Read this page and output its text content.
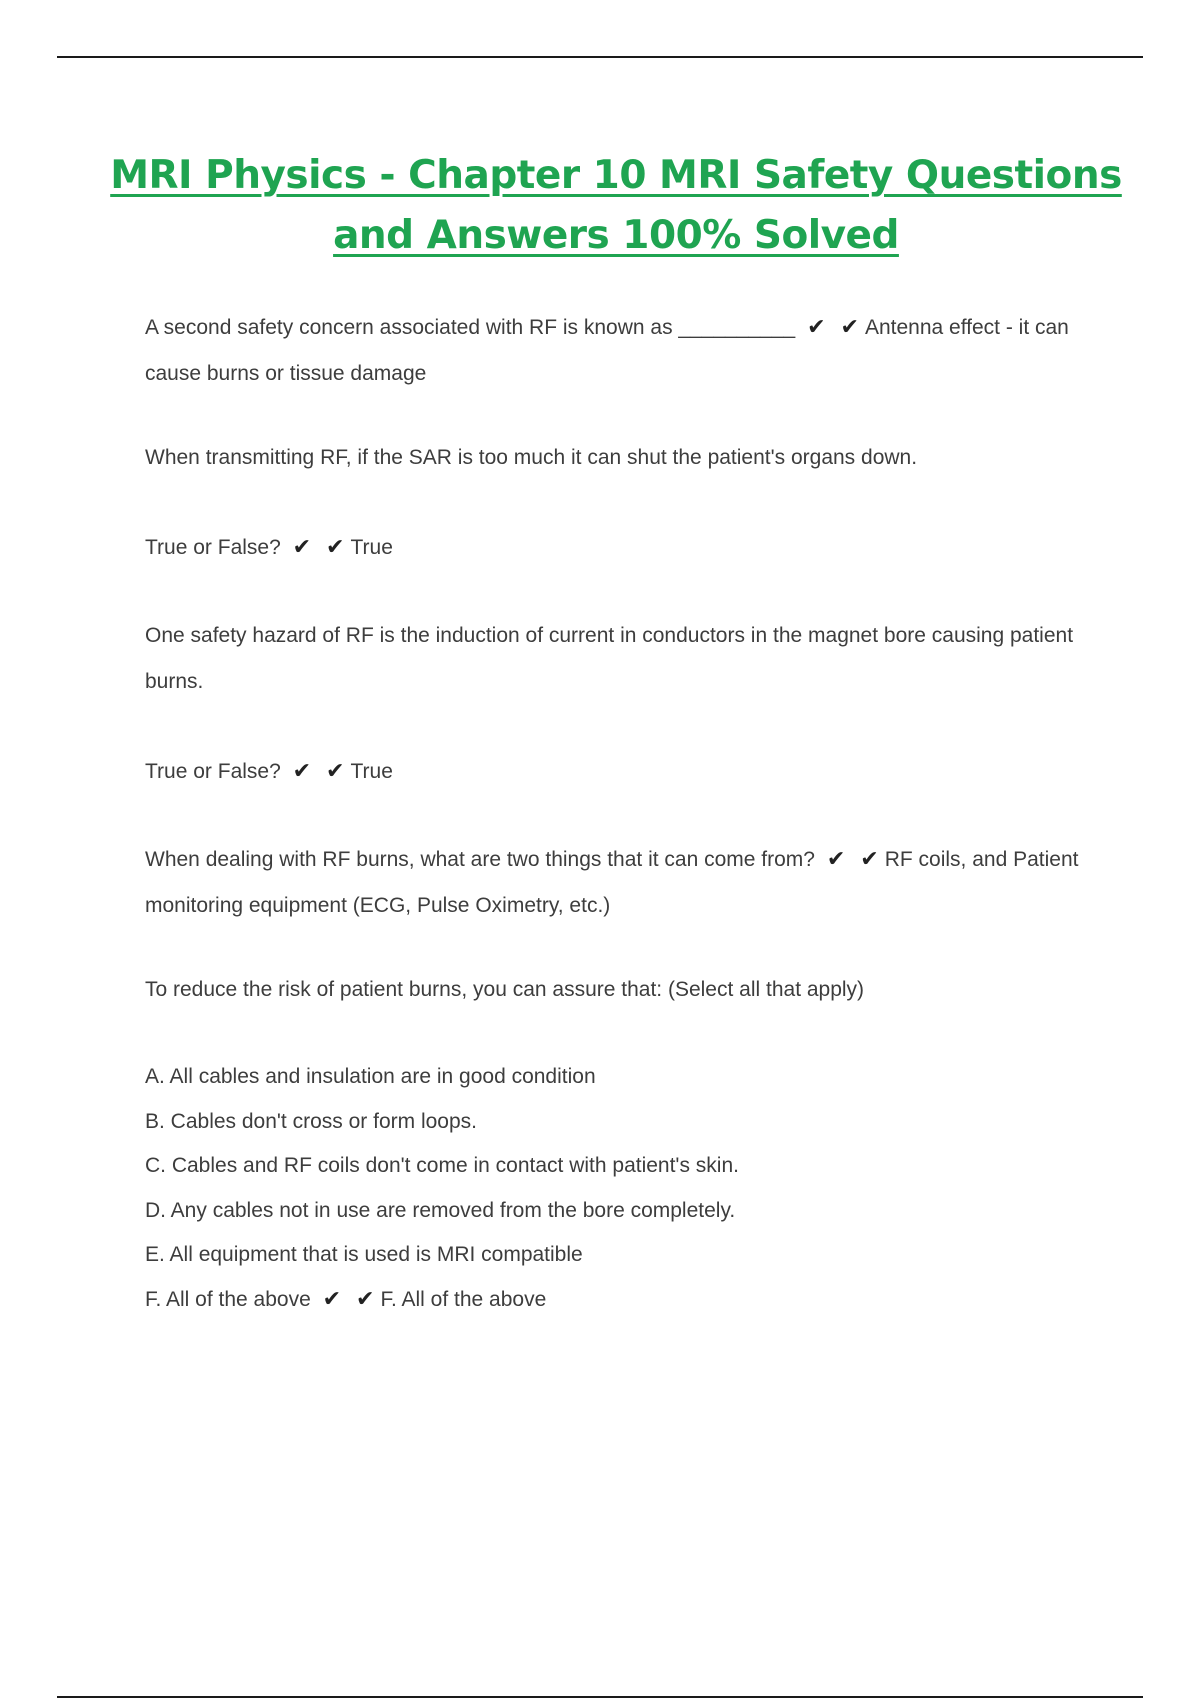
MRI Physics - Chapter 10 MRI Safety Questions
and Answers 100% Solved

A second safety concern associated with RF is known as __________ ✔ ✔Antenna effect - it can cause burns or tissue damage

When transmitting RF, if the SAR is too much it can shut the patient's organs down.

True or False? ✔ ✔True

One safety hazard of RF is the induction of current in conductors in the magnet bore causing patient burns.

True or False? ✔ ✔True

When dealing with RF burns, what are two things that it can come from? ✔ ✔RF coils, and Patient monitoring equipment (ECG, Pulse Oximetry, etc.)

To reduce the risk of patient burns, you can assure that: (Select all that apply)

A. All cables and insulation are in good condition
B. Cables don't cross or form loops.
C. Cables and RF coils don't come in contact with patient's skin.
D. Any cables not in use are removed from the bore completely.
E. All equipment that is used is MRI compatible
F. All of the above ✔ ✔F. All of the above
